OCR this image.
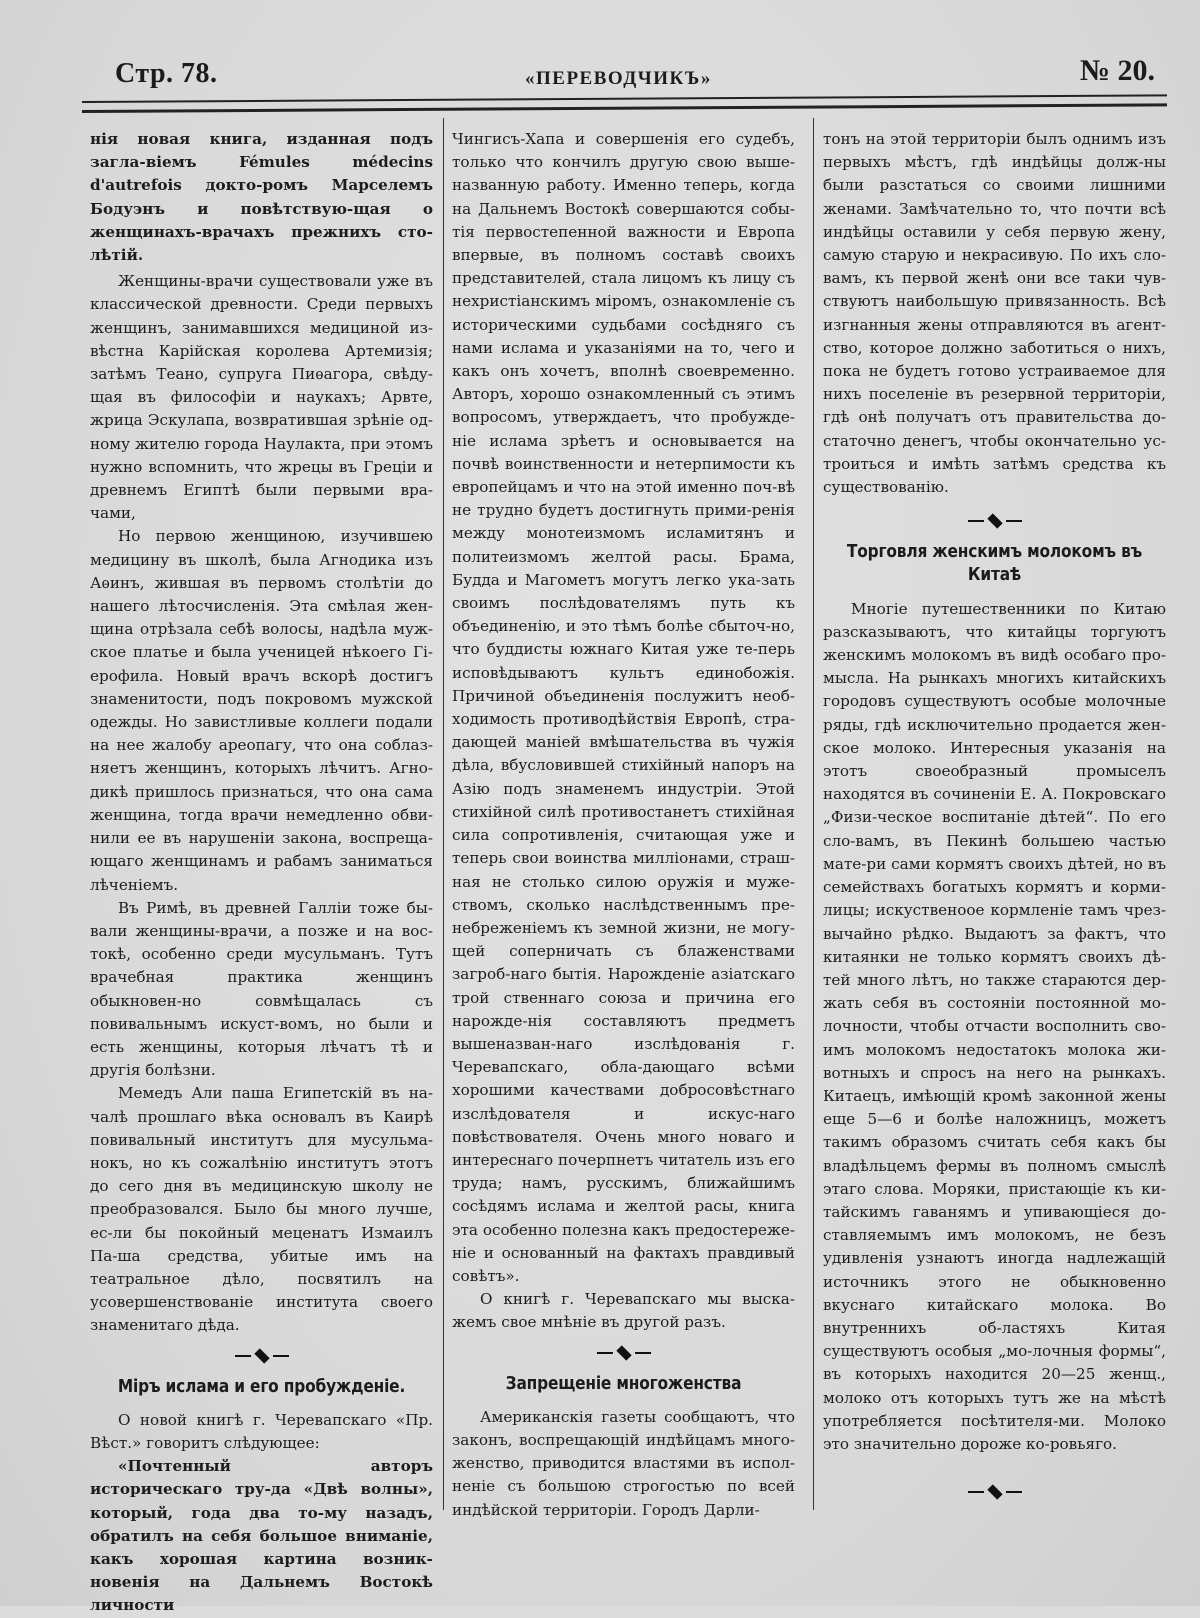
Стр. 78.	«ПЕРЕВОДЧИКЪ»	№ 20.

нія новая книга, изданная подъ загла-віемъ Fémules médecins d'autrefois докто-ромъ Марселемъ Бодуэнъ и повѣтствую-щая о женщинахъ-врачахъ прежнихъ сто-лѣтій.

Женщины-врачи существовали уже въ классической древности. Среди первыхъ женщинъ, занимавшихся медициной из-вѣстна Карійская королева Артемизія; затѣмъ Теано, супруга Пиѳагора, свѣду-щая въ философіи и наукахъ; Арвте, жрица Эскулапа, возвратившая зрѣніе од-ному жителю города Наулакта, при этомъ нужно вспомнить, что жрецы въ Греціи и древнемъ Египтѣ были первыми вра-чами,

Но первою женщиною, изучившею медицину въ школѣ, была Агнодика изъ Аѳинъ, жившая въ первомъ столѣтіи до нашего лѣтосчисленія. Эта смѣлая жен-щина отрѣзала себѣ волосы, надѣла муж-ское платье и была ученицей нѣкоего Гі-ерофила. Новый врачъ вскорѣ достигъ знаменитости, подъ покровомъ мужской одежды. Но завистливые коллеги подали на нее жалобу ареопагу, что она соблаз-няетъ женщинъ, которыхъ лѣчитъ. Агно-дикѣ пришлось признаться, что она сама женщина, тогда врачи немедленно обви-нили ее въ нарушеніи закона, воспреща-ющаго женщинамъ и рабамъ заниматься лѣченіемъ.

Въ Римѣ, въ древней Галліи тоже бы-вали женщины-врачи, а позже и на вос-токѣ, особенно среди мусульманъ. Тутъ врачебная практика женщинъ обыкновен-но совмѣщалась съ повивальнымъ искуст-вомъ, но были и есть женщины, которыя лѣчатъ тѣ и другія болѣзни.

Мемедъ Али паша Египетскій въ на-чалѣ прошлаго вѣка основалъ въ Каирѣ повивальный институтъ для мусульма-нокъ, но къ сожалѣнію институтъ этотъ до сего дня въ медицинскую школу не преобразовался. Было бы много лучше, ес-ли бы покойный меценатъ Измаилъ Па-ша средства, убитые имъ на театральное дѣло, посвятилъ на усовершенствованіе института своего знаменитаго дѣда.

Міръ ислама и его пробужденіе.

О новой книгѣ г. Черевапскаго «Пр. Вѣст.» говоритъ слѣдующее:

«Почтенный авторъ историческаго тру-да «Двѣ волны», который, года два то-му назадъ, обратилъ на себя большое вниманіе, какъ хорошая картина возник-новенія на Дальнемъ Востокѣ личности

Чингисъ-Хапа и совершенія его судебъ, только что кончилъ другую свою выше-названную работу. Именно теперь, когда на Дальнемъ Востокѣ совершаются собы-тія первостепенной важности и Европа впервые, въ полномъ составѣ своихъ представителей, стала лицомъ къ лицу съ нехристіанскимъ міромъ, ознакомленіе съ историческими судьбами сосѣдняго съ нами ислама и указаніями на то, чего и какъ онъ хочетъ, вполнѣ своевременно. Авторъ, хорошо ознакомленный съ этимъ вопросомъ, утверждаетъ, что пробужде-ніе ислама зрѣетъ и основывается на почвѣ воинственности и нетерпимости къ европейцамъ и что на этой именно поч-вѣ не трудно будетъ достигнуть прими-ренія между монотеизмомъ исламитянъ и политеизмомъ желтой расы. Брама, Будда и Магометъ могутъ легко ука-зать своимъ послѣдователямъ путь къ объединенію, и это тѣмъ болѣе сбыточ-но, что буддисты южнаго Китая уже те-перь исповѣдываютъ культъ единобожія. Причиной объединенія послужитъ необ-ходимость противодѣйствія Европѣ, стра-дающей маніей вмѣшательства въ чужія дѣла, вбусловившей стихійный напоръ на Азію подъ знаменемъ индустріи. Этой стихійной силѣ противостанетъ стихійная сила сопротивленія, считающая уже и теперь свои воинства милліонами, страш-ная не столько силою оружія и муже-ствомъ, сколько наслѣдственнымъ пре-небреженіемъ къ земной жизни, не могу-щей соперничать съ блаженствами загроб-наго бытія. Нарожденіе азіатскаго трой ственнаго союза и причина его нарожде-нія составляютъ предметъ вышеназван-наго изслѣдованія г. Черевапскаго, обла-дающаго всѣми хорошими качествами добросовѣстнаго изслѣдователя и искус-наго повѣствователя. Очень много новаго и интереснаго почерпнетъ читатель изъ его труда; намъ, русскимъ, ближайшимъ сосѣдямъ ислама и желтой расы, книга эта особенно полезна какъ предостереже-ніе и основанный на фактахъ правдивый совѣтъ».

О книгѣ г. Черевапскаго мы выска-жемъ свое мнѣніе въ другой разъ.

Запрещеніе многоженства

Американскія газеты сообщаютъ, что законъ, воспрещающій индѣйцамъ много-женство, приводится властями въ испол-неніе съ большою строгостью по всей индѣйской территоріи. Городъ Дарли-

тонъ на этой территоріи былъ однимъ изъ первыхъ мѣстъ, гдѣ индѣйцы долж-ны были разстаться со своими лишними женами. Замѣчательно то, что почти всѣ индѣйцы оставили у себя первую жену, самую старую и некрасивую. По ихъ сло-вамъ, къ первой женѣ они все таки чув-ствуютъ наибольшую привязанность. Всѣ изгнанныя жены отправляются въ агент-ство, которое должно заботиться о нихъ, пока не будетъ готово устраиваемое для нихъ поселеніе въ резервной территоріи, гдѣ онѣ получатъ отъ правительства до-статочно денегъ, чтобы окончательно ус-троиться и имѣть затѣмъ средства къ существованію.

Торговля женскимъ молокомъ въ Китаѣ

Многіе путешественники по Китаю разсказываютъ, что китайцы торгуютъ женскимъ молокомъ въ видѣ особаго про-мысла. На рынкахъ многихъ китайскихъ городовъ существуютъ особые молочные ряды, гдѣ исключительно продается жен-ское молоко. Интересныя указанія на этотъ своеобразный промыселъ находятся въ сочиненіи Е. А. Покровскаго „Физи-ческое воспитаніе дѣтей“. По его сло-вамъ, въ Пекинѣ большею частью мате-ри сами кормятъ своихъ дѣтей, но въ семействахъ богатыхъ кормятъ и корми-лицы; искуственоое кормленіе тамъ чрез-вычайно рѣдко. Выдаютъ за фактъ, что китаянки не только кормятъ своихъ дѣ-тей много лѣтъ, но также стараются дер-жать себя въ состояніи постоянной мо-лочности, чтобы отчасти восполнить сво-имъ молокомъ недостатокъ молока жи-вотныхъ и спросъ на него на рынкахъ. Китаецъ, имѣющій кромѣ законной жены еще 5—6 и болѣе наложницъ, можетъ такимъ образомъ считать себя какъ бы владѣльцемъ фермы въ полномъ смыслѣ этаго слова. Моряки, пристающіе къ ки-тайскимъ гаванямъ и упивающіеся до-ставляемымъ имъ молокомъ, не безъ удивленія узнаютъ иногда надлежащій источникъ этого не обыкновенно вкуснаго китайскаго молока. Во внутреннихъ об-ластяхъ Китая существуютъ особыя „мо-лочныя формы“, въ которыхъ находится 20—25 женщ., молоко отъ которыхъ тутъ же на мѣстѣ употребляется посѣтителя-ми. Молоко это значительно дороже ко-ровьяго.
